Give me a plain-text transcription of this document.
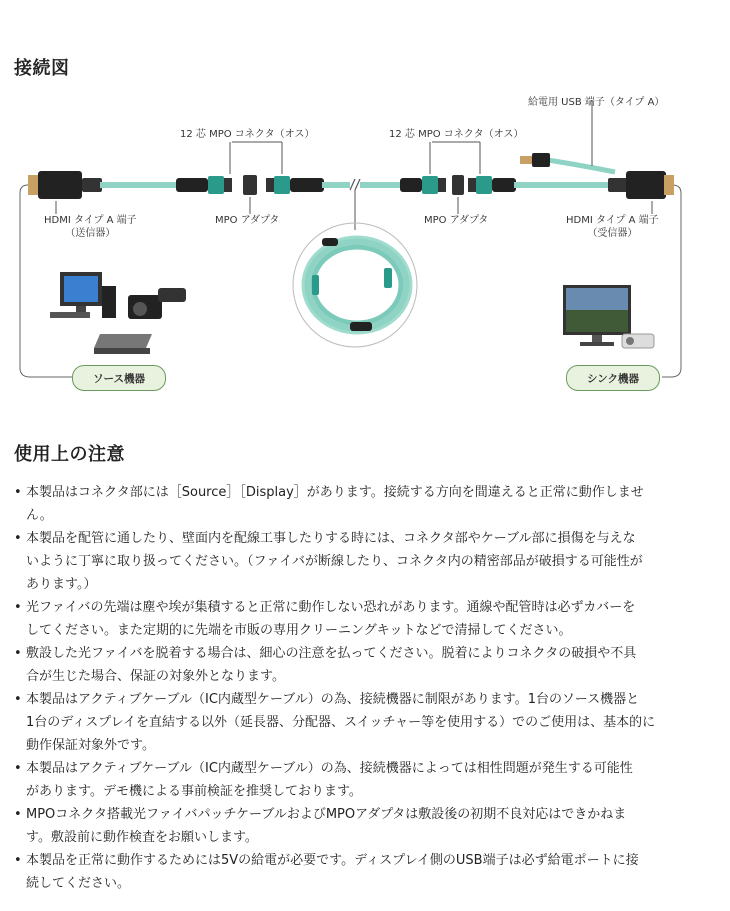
接続図
給電用 USB 端子（タイプ A）
12 芯 MPO コネクタ（オス）	12 芯 MPO コネクタ（オス）
HDMI タイプ A 端子
（送信器）
MPO アダプタ	MPO アダプタ	HDMI タイプ A 端子
（受信器）
ソース機器	シンク機器
使用上の注意
• 本製品はコネクタ部には［Source］［Display］があります。接続する方向を間違えると正常に動作しませ
ん。
• 本製品を配管に通したり、壁面内を配線工事したりする時には、コネクタ部やケーブル部に損傷を与えな
いように丁寧に取り扱ってください。（ファイバが断線したり、コネクタ内の精密部品が破損する可能性が
あります。）
• 光ファイバの先端は塵や埃が集積すると正常に動作しない恐れがあります。通線や配管時は必ずカバーを
してください。また定期的に先端を市販の専用クリーニングキットなどで清掃してください。
• 敷設した光ファイバを脱着する場合は、細心の注意を払ってください。脱着によりコネクタの破損や不具
合が生じた場合、保証の対象外となります。
• 本製品はアクティブケーブル（IC内蔵型ケーブル）の為、接続機器に制限があります。1台のソース機器と
1台のディスプレイを直結する以外（延長器、分配器、スイッチャー等を使用する）でのご使用は、基本的に
動作保証対象外です。
• 本製品はアクティブケーブル（IC内蔵型ケーブル）の為、接続機器によっては相性問題が発生する可能性
があります。デモ機による事前検証を推奨しております。
• MPOコネクタ搭載光ファイバパッチケーブルおよびMPOアダプタは敷設後の初期不良対応はできかねま
す。敷設前に動作検査をお願いします。
• 本製品を正常に動作するためには5Vの給電が必要です。ディスプレイ側のUSB端子は必ず給電ポートに接
続してください。
